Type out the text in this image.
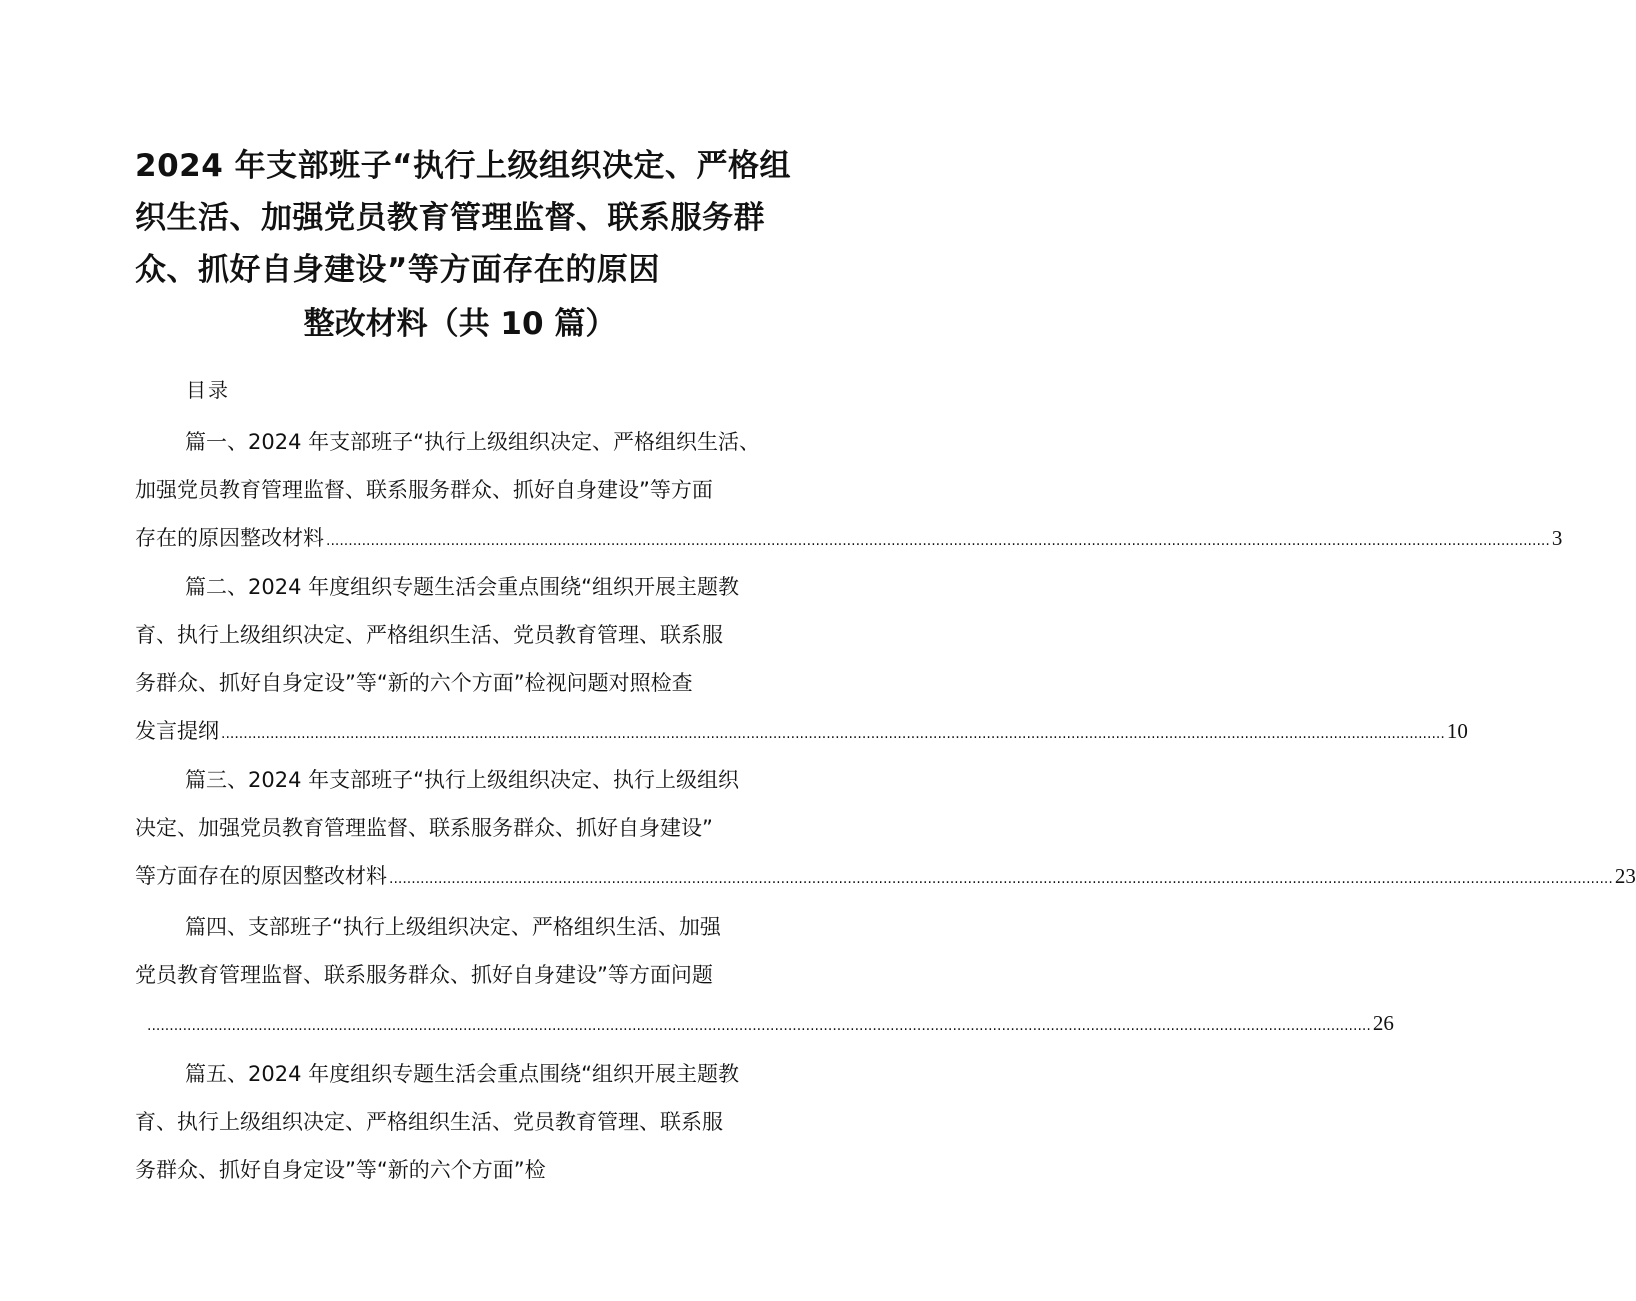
2024 年支部班子“执行上级组织决定、严格组
织生活、加强党员教育管理监督、联系服务群
众、抓好自身建设”等方面存在的原因
整改材料（共 10 篇）
目录
篇一、2024 年支部班子“执行上级组织决定、严格组织生活、
加强党员教育管理监督、联系服务群众、抓好自身建设”等方面
存在的原因整改材料 ................................................................................................................................................................................................................................................................................... 3
篇二、2024 年度组织专题生活会重点围绕“组织开展主题教
育、执行上级组织决定、严格组织生活、党员教育管理、联系服
务群众、抓好自身定设”等“新的六个方面”检视问题对照检查
发言提纲 ................................................................................................................................................................................................................................................................................... 10
篇三、2024 年支部班子“执行上级组织决定、执行上级组织
决定、加强党员教育管理监督、联系服务群众、抓好自身建设”
等方面存在的原因整改材料 ................................................................................................................................................................................................................................................................................... 23
篇四、支部班子“执行上级组织决定、严格组织生活、加强
党员教育管理监督、联系服务群众、抓好自身建设”等方面问题
................................................................................................................................................................................................................................................................................... 26
篇五、2024 年度组织专题生活会重点围绕“组织开展主题教
育、执行上级组织决定、严格组织生活、党员教育管理、联系服
务群众、抓好自身定设”等“新的六个方面”检
